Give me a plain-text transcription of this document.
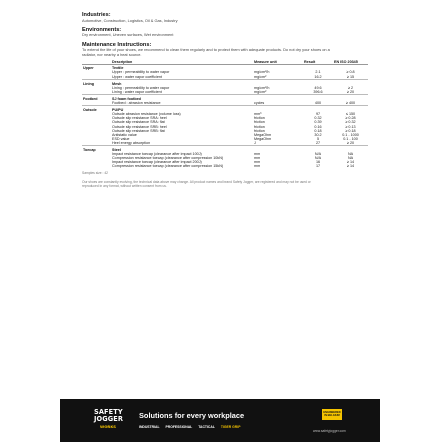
Industries:
Automotive, Construction, Logistics, Oil & Gas, Industry
Environments:
Dry environment, Uneven surfaces, Wet environment
Maintenance Instructions:
To extend the life of your shoes, we recommend to clean them regularly and to protect them with adequate products. Do not dry your shoes on a
radiator, nor nearby a heat source.
	Description	Measure unit	Result	EN ISO 20345
Upper	Textile			
	Upper : permeability to water vapor	mg/cm²/h	2.1	≥ 0.8
	Upper : water vapor coefficient	mg/cm²	16.2	≥ 15
Lining	Mesh			
	Lining : permeability to water vapor	mg/cm²/h	49.6	≥ 2
	Lining : water vapor coefficient	mg/cm²	396.6	≥ 20
Footbed	SJ foam footbed			
	Footbed : abrasion resistance	cycles	400	≥ 400
Outsole	PU/PU			
	Outsole abrasion resistance (volume loss)	mm³	97	≤ 150
	Outsole slip resistance SRA: heel	friction	0.32	≥ 0.28
	Outsole slip resistance SRA: flat	friction	0.39	≥ 0.32
	Outsole slip resistance SRB: heel	friction	0.16	≥ 0.13
	Outsole slip resistance SRB: flat	friction	0.18	≥ 0.18
	Antistatic value	MegaOhm	30.2	0.1 - 1000
	ESD value	MegaOhm	5	0.1 - 100
	Heel energy absorption	J	27	≥ 20
Toecap	Steel			
	Impact resistance toecap (clearance after impact 100J)	mm	N/A	NA
	Compression resistance toecap (clearance after compression 10kN)	mm	N/A	NA
	Impact resistance toecap (clearance after impact 200J)	mm	16	≥ 14
	Compression resistance toecap (clearance after compression 15kN)	mm	17	≥ 14
Samples size : 42
Our shoes are constantly evolving, the technical data above may change. All product names and brand Safety Jogger, are registered and may not be used or
reproduced in any format, without written consent from us.
SAFETY
JOGGER
WORKS
Solutions for every workplace
INDUSTRIAL PROFESSIONAL TACTICAL TIGER GRIP
ENGINEERED
IN BELGIUM
www.safetyjogger.com
